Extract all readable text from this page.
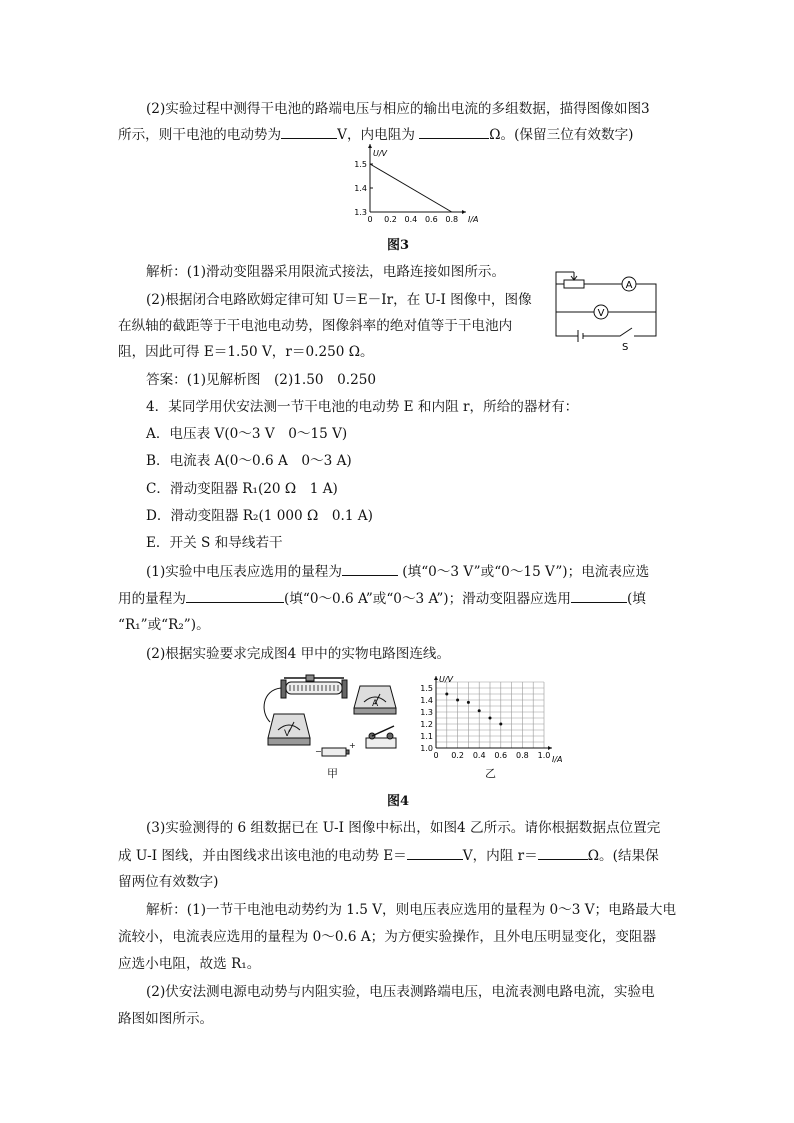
(2)实验过程中测得干电池的路端电压与相应的输出电流的多组数据，描得图像如图3
所示，则干电池的电动势为	V，内电阻为	Ω。(保留三位有效数字)
0 0.2 0.4 0.6 0.8
1.3
1.4
1.5
U/V
I/A
图3
解析：(1)滑动变阻器采用限流式接法，电路连接如图所示。
(2)根据闭合电路欧姆定律可知 U＝E－Ir，在 U-I 图像中，图像
在纵轴的截距等于干电池电动势，图像斜率的绝对值等于干电池内
阻，因此可得 E＝1.50 V，r＝0.250 Ω。
A
V
S
答案：(1)见解析图　(2)1.50　0.250
4．某同学用伏安法测一节干电池的电动势 E 和内阻 r，所给的器材有：
A．电压表 V(0～3 V　0～15 V)
B．电流表 A(0～0.6 A　0～3 A)
C．滑动变阻器 R₁(20 Ω　1 A)
D．滑动变阻器 R₂(1 000 Ω　0.1 A)
E．开关 S 和导线若干
(1)实验中电压表应选用的量程为	(填“0～3 V”或“0～15 V”)；电流表应选
用的量程为	(填“0～0.6 A”或“0～3 A”)；滑动变阻器应选用	(填
“R₁”或“R₂”)。
(2)根据实验要求完成图4 甲中的实物电路图连线。
A
V
−
+
甲
0 0.2 0.4 0.6 0.8 1.0
1.0
1.1
1.2
1.3
1.4
1.5
U/V
I/A
乙
图4
(3)实验测得的 6 组数据已在 U-I 图像中标出，如图4 乙所示。请你根据数据点位置完
成 U-I 图线，并由图线求出该电池的电动势 E＝	V，内阻 r＝	Ω。(结果保
留两位有效数字)
解析：(1)一节干电池电动势约为 1.5 V，则电压表应选用的量程为 0～3 V；电路最大电
流较小，电流表应选用的量程为 0～0.6 A；为方便实验操作，且外电压明显变化，变阻器
应选小电阻，故选 R₁。
(2)伏安法测电源电动势与内阻实验，电压表测路端电压，电流表测电路电流，实验电
路图如图所示。
